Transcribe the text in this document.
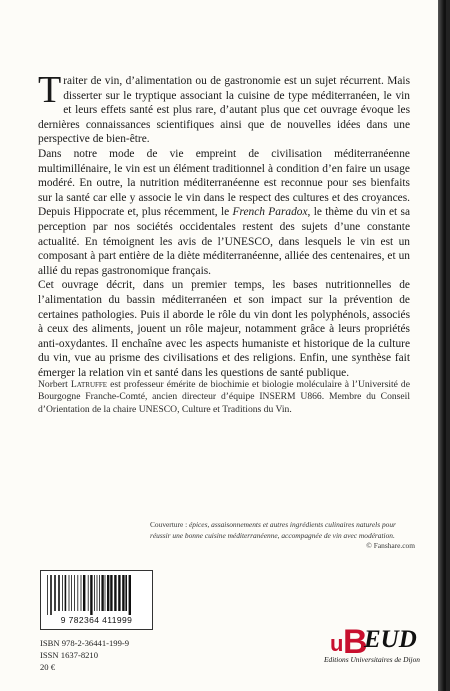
Traiter de vin, d’alimentation ou de gastronomie est un sujet récurrent. Mais disserter sur le tryptique associant la cuisine de type méditerranéen, le vin et leurs effets santé est plus rare, d’autant plus que cet ouvrage évoque les dernières connaissances scientifiques ainsi que de nouvelles idées dans une perspective de bien-être.

Dans notre mode de vie empreint de civilisation méditerranéenne multimillénaire, le vin est un élément traditionnel à condition d’en faire un usage modéré. En outre, la nutrition méditerranéenne est reconnue pour ses bienfaits sur la santé car elle y associe le vin dans le respect des cultures et des croyances. Depuis Hippocrate et, plus récemment, le French Paradox, le thème du vin et sa perception par nos sociétés occidentales restent des sujets d’une constante actualité. En témoignent les avis de l’UNESCO, dans lesquels le vin est un composant à part entière de la diète méditerranéenne, alliée des centenaires, et un allié du repas gastronomique français.

Cet ouvrage décrit, dans un premier temps, les bases nutritionnelles de l’alimentation du bassin méditerranéen et son impact sur la prévention de certaines pathologies. Puis il aborde le rôle du vin dont les polyphénols, associés à ceux des aliments, jouent un rôle majeur, notamment grâce à leurs propriétés anti-oxydantes. Il enchaîne avec les aspects humaniste et historique de la culture du vin, vue au prisme des civilisations et des religions. Enfin, une synthèse fait émerger la relation vin et santé dans les questions de santé publique.

Norbert Latruffe est professeur émérite de biochimie et biologie moléculaire à l’Université de Bourgogne Franche-Comté, ancien directeur d’équipe INSERM U866. Membre du Conseil d’Orientation de la chaire UNESCO, Culture et Traditions du Vin.
Couverture : épices, assaisonnements et autres ingrédients culinaires naturels pour réussir une bonne cuisine méditerranéenne, accompagnée de vin avec modération.
© Fanshare.com
9 782364 411999
ISBN 978-2-36441-199-9
ISSN 1637-8210
20 €
u B
EUD
Editions Universitaires de Dijon
